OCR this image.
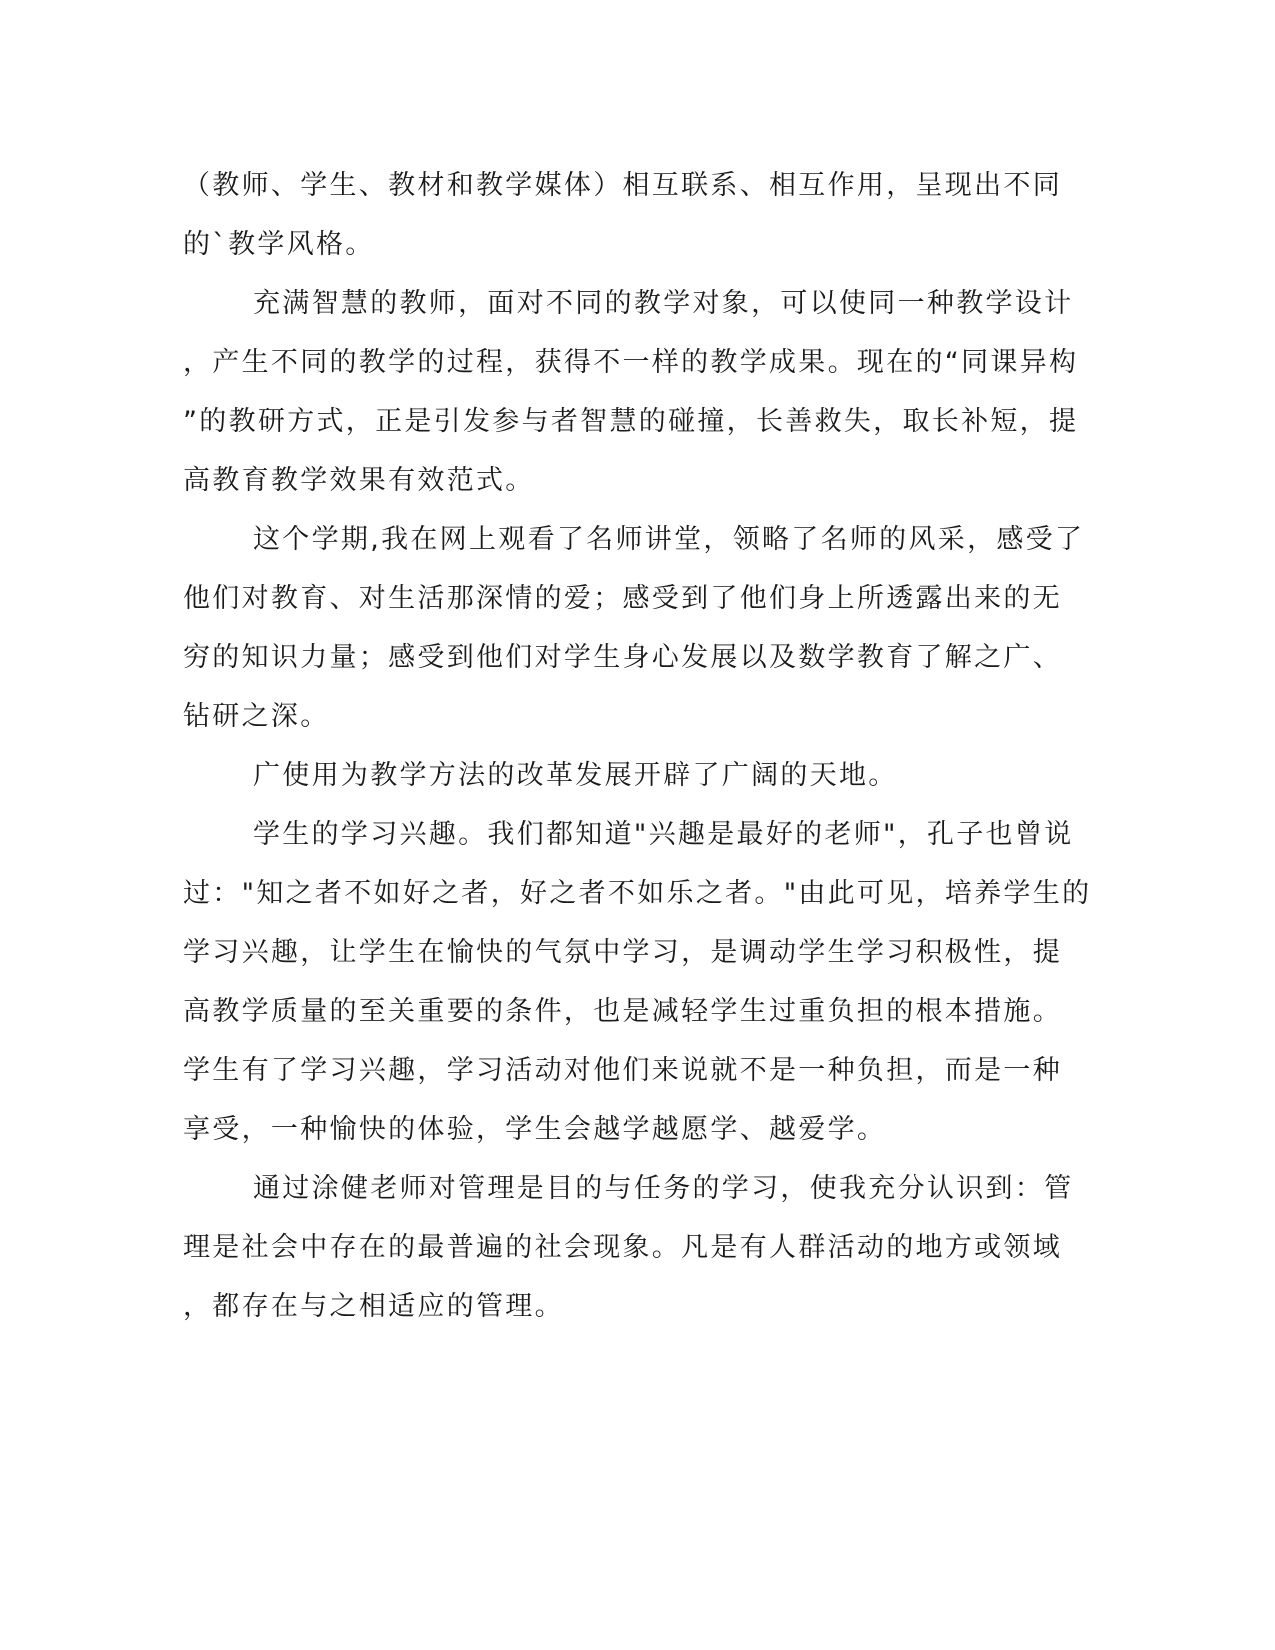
（教师、学生、教材和教学媒体）相互联系、相互作用，呈现出不同
的`教学风格。
充满智慧的教师，面对不同的教学对象，可以使同一种教学设计
，产生不同的教学的过程，获得不一样的教学成果。现在的“同课异构
”的教研方式，正是引发参与者智慧的碰撞，长善救失，取长补短，提
高教育教学效果有效范式。
这个学期,我在网上观看了名师讲堂，领略了名师的风采，感受了
他们对教育、对生活那深情的爱；感受到了他们身上所透露出来的无
穷的知识力量；感受到他们对学生身心发展以及数学教育了解之广、
钻研之深。
广使用为教学方法的改革发展开辟了广阔的天地。
学生的学习兴趣。我们都知道"兴趣是最好的老师"，孔子也曾说
过："知之者不如好之者，好之者不如乐之者。"由此可见，培养学生的
学习兴趣，让学生在愉快的气氛中学习，是调动学生学习积极性，提
高教学质量的至关重要的条件，也是减轻学生过重负担的根本措施。
学生有了学习兴趣，学习活动对他们来说就不是一种负担，而是一种
享受，一种愉快的体验，学生会越学越愿学、越爱学。
通过涂健老师对管理是目的与任务的学习，使我充分认识到：管
理是社会中存在的最普遍的社会现象。凡是有人群活动的地方或领域
，都存在与之相适应的管理。
